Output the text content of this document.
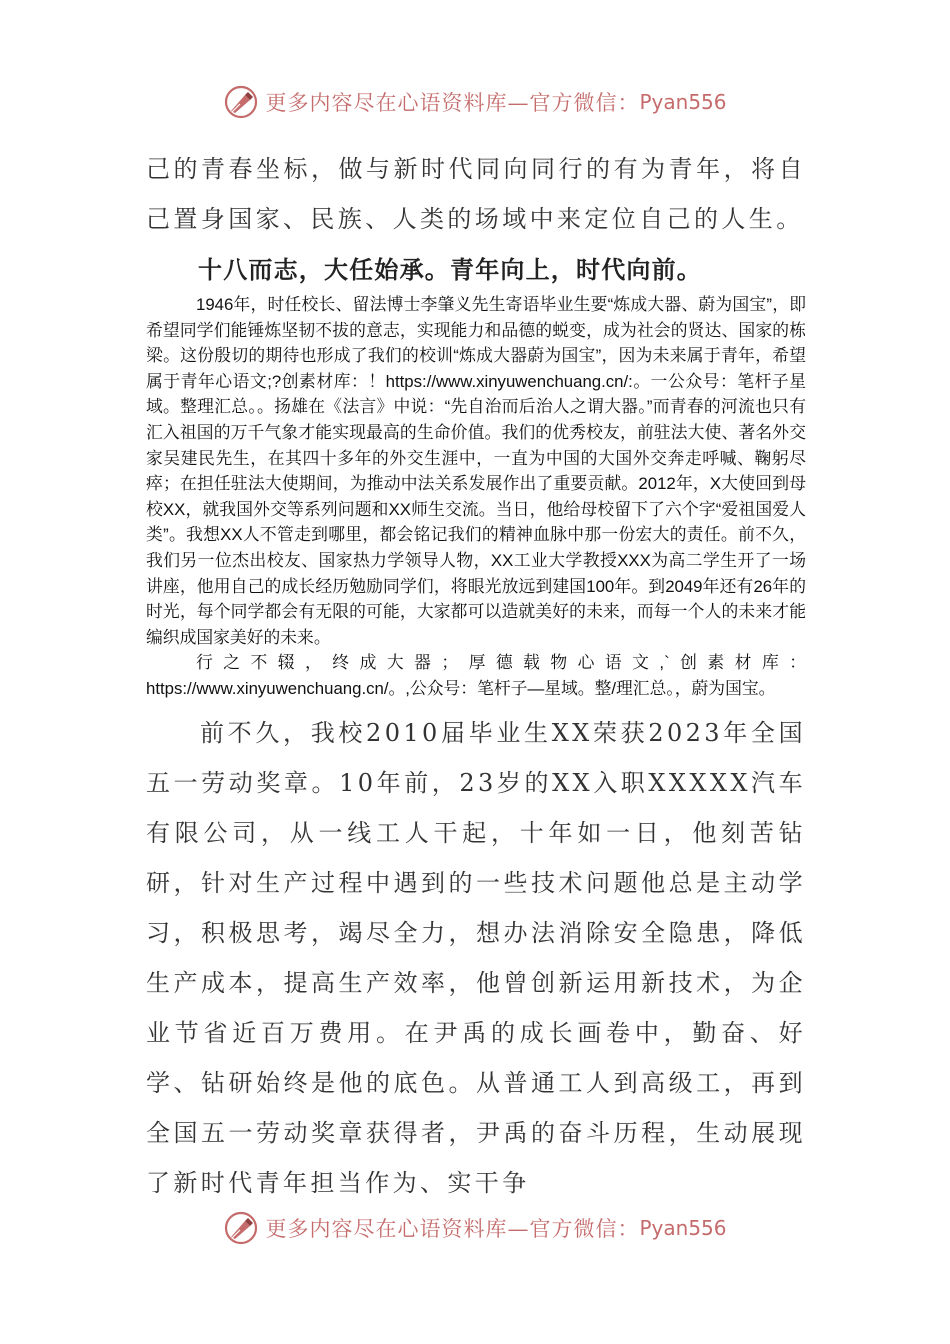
更多内容尽在心语资料库—官方微信： Pyan556

己的青春坐标，做与新时代同向同行的有为青年，将自己置身国家、民族、人类的场域中来定位自己的人生。

十八而志，大任始承。青年向上，时代向前。

1946年，时任校长、留法博士李肇义先生寄语毕业生要“炼成大器、蔚为国宝”，即希望同学们能锤炼坚韧不拔的意志，实现能力和品德的蜕变，成为社会的贤达、国家的栋梁。这份殷切的期待也形成了我们的校训“炼成大器蔚为国宝”，因为未来属于青年，希望属于青年心语文;?创素材库：！https://www.xinyuwenchuang.cn/:。一公众号：笔杆子星域。整理汇总。。扬雄在《法言》中说：“先自治而后治人之谓大器。”而青春的河流也只有汇入祖国的万千气象才能实现最高的生命价值。我们的优秀校友，前驻法大使、著名外交家吴建民先生，在其四十多年的外交生涯中，一直为中国的大国外交奔走呼喊、鞠躬尽瘁；在担任驻法大使期间，为推动中法关系发展作出了重要贡献。2012年，X大使回到母校XX，就我国外交等系列问题和XX师生交流。当日，他给母校留下了六个字“爱祖国爱人类”。我想XX人不管走到哪里，都会铭记我们的精神血脉中那一份宏大的责任。前不久，我们另一位杰出校友、国家热力学领导人物，XX工业大学教授XXX为高二学生开了一场讲座，他用自己的成长经历勉励同学们，将眼光放远到建国100年。到2049年还有26年的时光，每个同学都会有无限的可能，大家都可以造就美好的未来，而每一个人的未来才能编织成国家美好的未来。

行之不辍，终成大器；厚德载物心语文,`创素材库：https://www.xinyuwenchuang.cn/。,公众号：笔杆子—星域。整/理汇总。，蔚为国宝。

前不久，我校2010届毕业生XX荣获2023年全国五一劳动奖章。10年前，23岁的XX入职XXXXX汽车有限公司，从一线工人干起，十年如一日，他刻苦钻研，针对生产过程中遇到的一些技术问题他总是主动学习，积极思考，竭尽全力，想办法消除安全隐患，降低生产成本，提高生产效率，他曾创新运用新技术，为企业节省近百万费用。在尹禹的成长画卷中，勤奋、好学、钻研始终是他的底色。从普通工人到高级工，再到全国五一劳动奖章获得者，尹禹的奋斗历程，生动展现了新时代青年担当作为、实干争

更多内容尽在心语资料库—官方微信： Pyan556
